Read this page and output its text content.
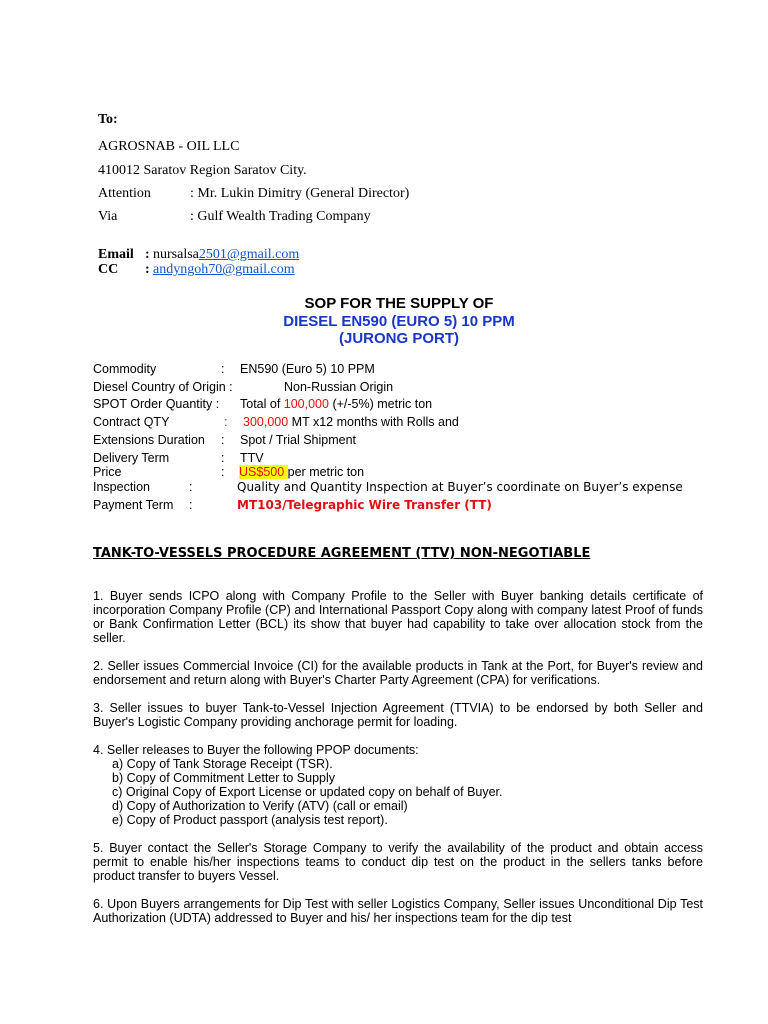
To:
AGROSNAB - OIL LLC
410012 Saratov Region Saratov City.
Attention	: Mr. Lukin Dimitry (General Director)
Via	: Gulf Wealth Trading Company
Email : nursalsa2501@gmail.com
CC : andyngoh70@gmail.com
SOP FOR THE SUPPLY OF
DIESEL EN590 (EURO 5) 10 PPM
(JURONG PORT)
Commodity	: EN590 (Euro 5) 10 PPM
Diesel Country of Origin :	Non-Russian Origin
SPOT Order Quantity : Total of 100,000 (+/-5%) metric ton
Contract QTY	: 300,000 MT x12 months with Rolls and
Extensions Duration : Spot / Trial Shipment
Delivery Term	: TTV
Price	: US$500 per metric ton
Inspection	:	Quality and Quantity Inspection at Buyer’s coordinate on Buyer’s expense
Payment Term :	MT103/Telegraphic Wire Transfer (TT)
TANK-TO-VESSELS PROCEDURE AGREEMENT (TTV) NON-NEGOTIABLE

1. Buyer sends ICPO along with Company Profile to the Seller with Buyer banking details certificate of incorporation Company Profile (CP) and International Passport Copy along with company latest Proof of funds or Bank Confirmation Letter (BCL) its show that buyer had capability to take over allocation stock from the seller.

2. Seller issues Commercial Invoice (CI) for the available products in Tank at the Port, for Buyer's review and endorsement and return along with Buyer's Charter Party Agreement (CPA) for verifications.

3. Seller issues to buyer Tank-to-Vessel Injection Agreement (TTVIA) to be endorsed by both Seller and Buyer's Logistic Company providing anchorage permit for loading.

4. Seller releases to Buyer the following PPOP documents:

a) Copy of Tank Storage Receipt (TSR).
b) Copy of Commitment Letter to Supply
c) Original Copy of Export License or updated copy on behalf of Buyer.
d) Copy of Authorization to Verify (ATV) (call or email)
e) Copy of Product passport (analysis test report).

5. Buyer contact the Seller's Storage Company to verify the availability of the product and obtain access permit to enable his/her inspections teams to conduct dip test on the product in the sellers tanks before product transfer to buyers Vessel.

6. Upon Buyers arrangements for Dip Test with seller Logistics Company, Seller issues Unconditional Dip Test Authorization (UDTA) addressed to Buyer and his/ her inspections team for the dip test
